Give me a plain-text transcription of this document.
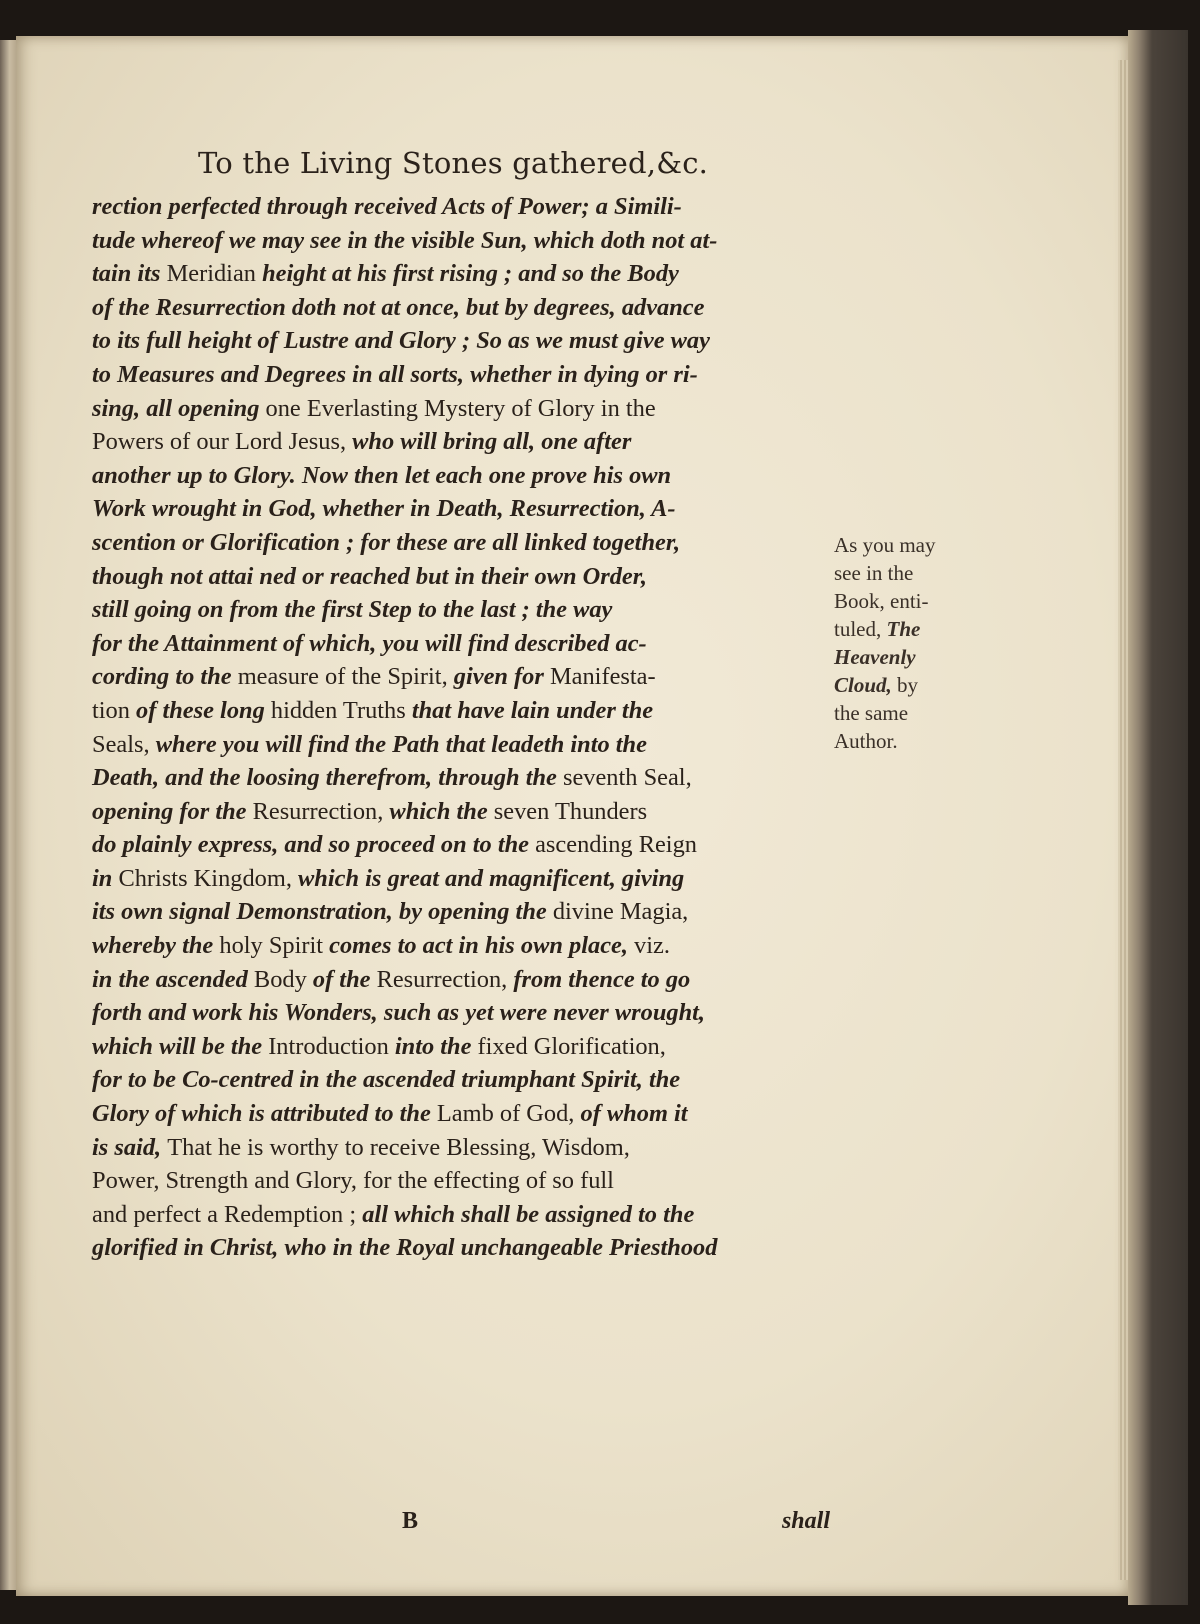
To the Living Stones gathered,&c.
rection perfected through received Acts of Power; a Simili-
tude whereof we may see in the visible Sun, which doth not at-
tain its Meridian height at his first rising ; and so the Body
of the Resurrection doth not at once, but by degrees, advance
to its full height of Lustre and Glory ; So as we must give way
to Measures and Degrees in all sorts, whether in dying or ri-
sing, all opening one Everlasting Mystery of Glory in the
Powers of our Lord Jesus, who will bring all, one after
another up to Glory. Now then let each one prove his own
Work wrought in God, whether in Death, Resurrection, A-
scention or Glorification ; for these are all linked together,
though not attai ned or reached but in their own Order,
still going on from the first Step to the last ; the way
for the Attainment of which, you will find described ac-
cording to the measure of the Spirit, given for Manifesta-
tion of these long hidden Truths that have lain under the
Seals, where you will find the Path that leadeth into the
Death, and the loosing therefrom, through the seventh Seal,
opening for the Resurrection, which the seven Thunders
do plainly express, and so proceed on to the ascending Reign
in Christs Kingdom, which is great and magnificent, giving
its own signal Demonstration, by opening the divine Magia,
whereby the holy Spirit comes to act in his own place, viz.
in the ascended Body of the Resurrection, from thence to go
forth and work his Wonders, such as yet were never wrought,
which will be the Introduction into the fixed Glorification,
for to be Co-centred in the ascended triumphant Spirit, the
Glory of which is attributed to the Lamb of God, of whom it
is said, That he is worthy to receive Blessing, Wisdom,
Power, Strength and Glory, for the effecting of so full
and perfect a Redemption ; all which shall be assigned to the
glorified in Christ, who in the Royal unchangeable Priesthood
As you may
see in the
Book, enti-
tuled, The
Heavenly
Cloud, by
the same
Author.
B	shall
